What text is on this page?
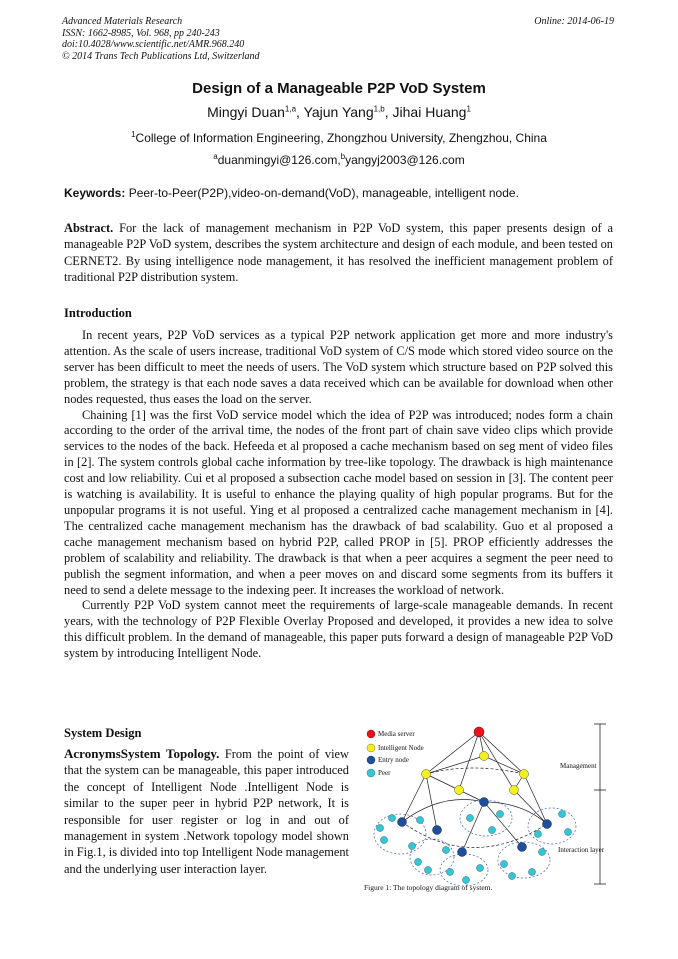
Advanced Materials Research
ISSN: 1662-8985, Vol. 968, pp 240-243
doi:10.4028/www.scientific.net/AMR.968.240
© 2014 Trans Tech Publications Ltd, Switzerland
Online: 2014-06-19
Design of a Manageable P2P VoD System
Mingyi Duan$^{1,a}$, Yajun Yang$^{1,b}$, Jihai Huang$^1$
$^1$College of Information Engineering, Zhongzhou University, Zhengzhou, China
$^a$duanmingyi@126.com,$^b$yangyj2003@126.com
Keywords: Peer-to-Peer(P2P),video-on-demand(VoD), manageable, intelligent node.
Abstract. For the lack of management mechanism in P2P VoD system, this paper presents design of a manageable P2P VoD system, describes the system architecture and design of each module, and been tested on CERNET2. By using intelligence node management, it has resolved the inefficient management problem of traditional P2P distribution system.
Introduction

In recent years, P2P VoD services as a typical P2P network application get more and more industry's attention. As the scale of users increase, traditional VoD system of C/S mode which stored video source on the server has been difficult to meet the needs of users. The VoD system which structure based on P2P solved this problem, the strategy is that each node saves a data received which can be available for download when other nodes requested, thus eases the load on the server.

Chaining [1] was the first VoD service model which the idea of P2P was introduced; nodes form a chain according to the order of the arrival time, the nodes of the front part of chain save video clips which provide services to the nodes of the back. Hefeeda et al proposed a cache mechanism based on seg ment of video files in [2]. The system controls global cache information by tree-like topology. The drawback is high maintenance cost and low reliability. Cui et al proposed a subsection cache model based on session in [3]. The content peer is watching is availability. It is useful to enhance the playing quality of high popular programs. But for the unpopular programs it is not useful. Ying et al proposed a centralized cache management mechanism in [4]. The centralized cache management mechanism has the drawback of bad scalability. Guo et al proposed a cache management mechanism based on hybrid P2P, called PROP in [5]. PROP efficiently addresses the problem of scalability and reliability. The drawback is that when a peer acquires a segment the peer need to publish the segment information, and when a peer moves on and discard some segments from its buffers it need to send a delete message to the indexing peer. It increases the workload of network.

Currently P2P VoD system cannot meet the requirements of large-scale manageable demands. In recent years, with the technology of P2P Flexible Overlay Proposed and developed, it provides a new idea to solve this difficult problem. In the demand of manageable, this paper puts forward a design of manageable P2P VoD system by introducing Intelligent Node.

System Design
AcronymsSystem Topology. From the point of view that the system can be manageable, this paper introduced the concept of Intelligent Node .Intelligent Node is similar to the super peer in hybrid P2P network, It is responsible for user register or log in and out of management in system .Network topology model shown in Fig.1, is divided into top Intelligent Node management and the underlying user interaction layer.
Media server
Intelligent Node
Entry node
Peer
Management
Interaction layer
Figure 1: The topology diagram of system.
